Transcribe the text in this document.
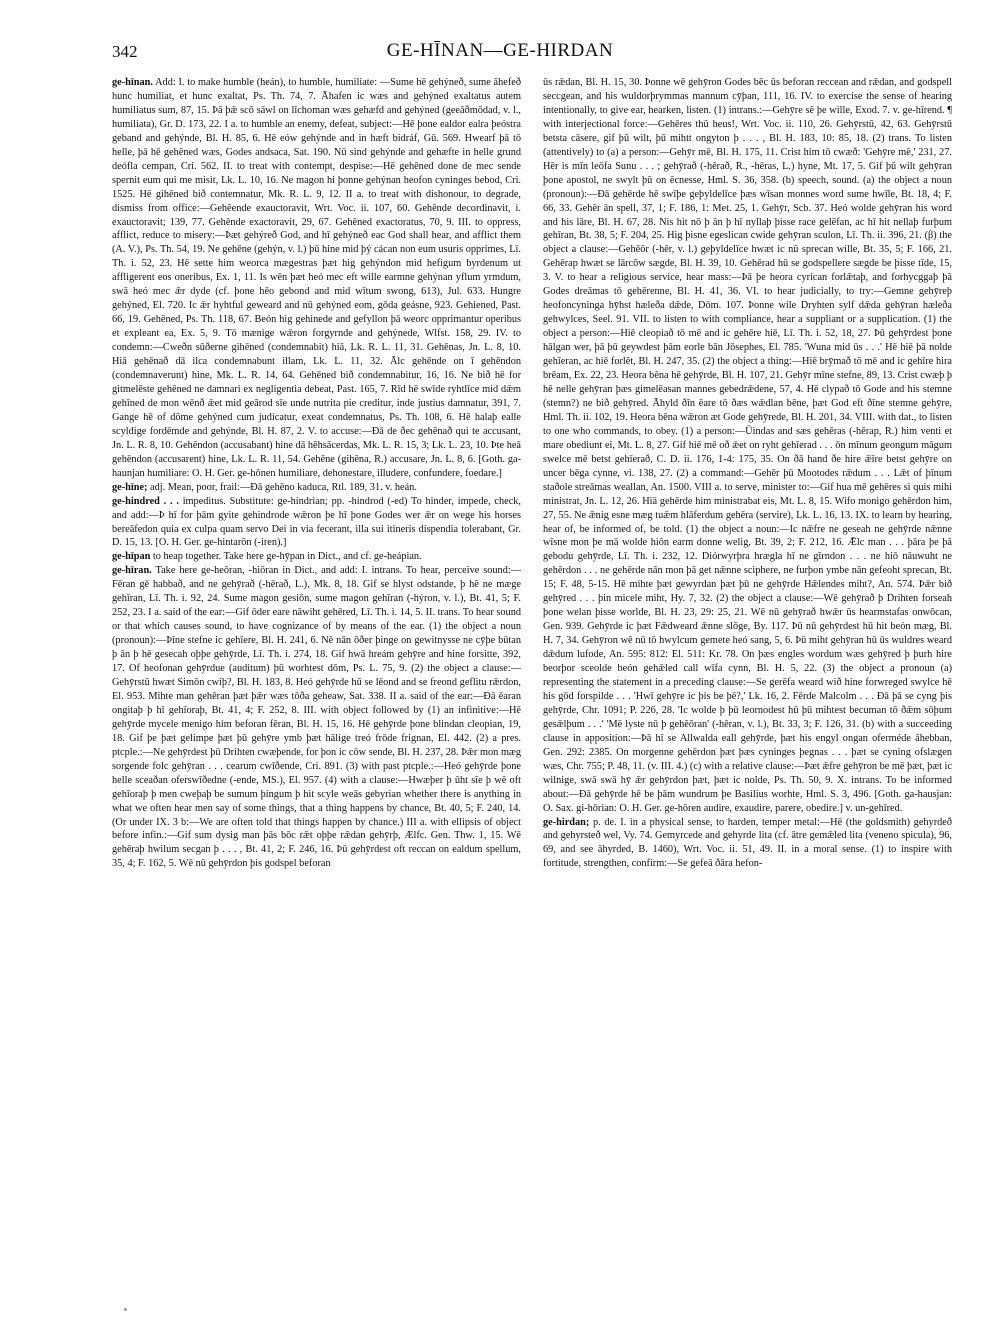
342	GE-HĪNAN—GE-HIRDAN

ge-hīnan. Add: I. to make humble (heán), to humble, humiliate: —Sume hē gehýneð, sume āhefeð hunc humiliat, et hunc exaltat, Ps. Th. 74, 7. Āhafen ic wæs and gehýned exaltatus autem humiliatus sum, 87, 15. Þā þǣ scō sāwl on līchoman wæs gehæfd and gehýned (geeāðmōdad, v. l., humiliata), Gr. D. 173, 22. I a. to humble an enemy, defeat, subject:—Hē þone ealdor ealra þeóstra geband and gehýnde, Bl. H. 85, 6. Hē eów gehýnde and in hæft bidráf, Gū. 569. Hwearf þā tō helle, þā hē gehēned wæs, Godes andsaca, Sat. 190. Nū sind gehýnde and gehæfte in helle grund deófla cempan, Cri. 562. II. to treat with contempt, despise:—Hē gehēned done de mec sende spernit eum qui me misit, Lk. L. 10, 16. Ne magon hi þonne gehýnan heofon cyninges bebod, Cri. 1525. Hē gihēned bið contemnatur, Mk. R. L. 9, 12. II a. to treat with dishonour, to degrade, dismiss from office:—Gehēende exauctoravit, Wrt. Voc. ii. 107, 60. Gehēnde decordinavit, i. exauctoravit; 139, 77. Gehēnde exactoravit, 29, 67. Gehēned exactoratus, 70, 9. III. to oppress, afflict, reduce to misery:—Þæt gehýreð God, and hī gehýneð eac God shall hear, and afflict them (A. V.), Ps. Th. 54, 19. Ne gehēne (gehýn, v. l.) þū hine mid þý cácan non eum usuris opprimes, Lī. Th. i. 52, 23. Hē sette him weorca mægestras þæt hig gehýndon mid hefigum byrdenum ut affligerent eos oneribus, Ex. 1, 11. Is wēn þæt heó mec eft wille earmne gehýnan yflum yrmdum, swā heó mec ǣr dyde (cf. þone hēo gebond and mid wītum swong, 613), Jul. 633. Hungre gehýned, El. 720. Ic ǣr hyhtful geweard and nū gehýned eom, gōda geásne, 923. Gehiened, Past. 66, 19. Gehēned, Ps. Th. 118, 67. Beón hig gehinede and gefyllon þā weorc opprimantur operibus et expleant ea, Ex. 5, 9. Tō mænige wǣron forgyrnde and gehýnede, Wlfst. 158, 29. IV. to condemn:—Cweðn sūðerne gihēned (condemnabit) hiā, Lk. R. L. 11, 31. Gehēnas, Jn. L. 8, 10. Hiā gehēnað dā ilca condemnabunt illam, Lk. L. 11, 32. Ālc gehēnde on ī gehēndon (condemnaverunt) hine, Mk. L. R. 14, 64. Gehēned bið condemnabitur, 16, 16. Ne bið hē for gitmelēste gehēned ne damnari ex negligentia debeat, Past. 165, 7. Rīd hē swīde ryhtlīce mid dǣm gehīned de mon wēnð ǣet mid geārod sīe unde nutrita pie creditur, inde justius damnatur, 391, 7. Gange hē of dōme gehýned cum judicatur, exeat condemnatus, Ps. Th. 108, 6. Hē halaþ ealle scyldige fordēmde and gehýnde, Bl. H. 87, 2. V. to accuse:—Ðā de ðec gehēnað qui te accusant, Jn. L. R. 8, 10. Gehēndon (accusabant) hine dā hēhsācerdas, Mk. L. R. 15, 3; Lk. L. 23, 10. Þte heā gehēndon (accusarent) hine, Lk. L. R. 11, 54. Gehēne (gihēna, R.) accusare, Jn. L. 8, 6. [Goth. ga-haunjan humiliare: O. H. Ger. ge-hōnen humiliare, dehonestare, illudere, confundere, foedare.]

ge-hīne; adj. Mean, poor, frail:—Ðā gehēno kaduca, Rtl. 189, 31. v. heán.

ge-hindred . . . impeditus. Substitute: ge-hindrian; pp. -hindrod (-ed) To hinder, impede, check, and add:—Þ hī for þām gyite gehindrode wǣron þe hī þone Godes wer ǣr on wege his horses bereāfedon quia ex culpa quam servo Dei in via fecerant, illa sui itineris dispendia tolerabant, Gr. D. 15, 13. [O. H. Ger. ge-hintarōn (-iren).]

ge-hīpan to heap together. Take here ge-hȳpan in Dict., and cf. ge-heápian.

ge-hīran. Take here ge-heōran, -hiōran in Dict., and add: I. intrans. To hear, perceive sound:—Fēran gē habbað, and ne gehȳrað (-hērað, L.), Mk. 8, 18. Gif se hlyst odstande, þ hē ne mæge gehīran, Lī. Th. i. 92, 24. Sume magon gesiōn, sume magon gehīran (-hýron, v. l.), Bt. 41, 5; F. 252, 23. I a. said of the ear:—Gif ōder eare nāwiht gehēred, Lī. Th. i. 14, 5. II. trans. To hear sound or that which causes sound, to have cognizance of by means of the ear. (1) the object a noun (pronoun):—Þīne stefne ic gehīere, Bl. H. 241, 6. Nē nān ōðer þinge on gewitnysse ne cȳþe būtan þ ān þ hē gesecah oþþe gehȳrde, Lī. Th. i. 274, 18. Gif hwā hreám gehȳre and hine forsitte, 392, 17. Of heofonan gehȳrdue (auditum) þū worhtest dōm, Ps. L. 75, 9. (2) the object a clause:—Gehȳrstū hwæt Simōn cwiþ?, Bl. H. 183, 8. Heó gehȳrde hū se lēond and se freond geflitu rǣrdon, El. 953. Mihte man gehēran þæt þǣr wæs tōða geheaw, Sat. 338. II a. said of the ear:—Ðā ēaran ongitaþ þ hī gehīoraþ, Bt. 41, 4; F. 252, 8. III. with object followed by (1) an infinitive:—Hē gehȳrde mycele menigo him beforan fēran, Bl. H. 15, 16. Hē gehȳrde þone blindan cleopian, 19, 18. Gif þe þæt gelimpe þæt þū gehȳre ymb þæt hālige treó frōde frignan, El. 442. (2) a pres. ptcple.:—Ne gehȳrdest þū Drihten cwæþende, for þon ic cōw sende, Bl. H. 237, 28. Þǣr mon mæg sorgende folc gehȳran . . . cearum cwīðende, Cri. 891. (3) with past ptcple.:—Heó gehȳrde þone helle sceaðan oferswīðedne (-ende, MS.), El. 957. (4) with a clause:—Hwæþer þ ūht sīe þ wē oft gehīoraþ þ men cweþaþ be sumum þingum þ hit scyle weās gebyrian whether there is anything in what we often hear men say of some things, that a thing happens by chance, Bt. 40, 5; F. 240, 14. (Or under IX. 3 b:—We are often told that things happen by chance.) III a. with ellipsis of object before infin.:—Gif sum dysig man þās bōc rǣt oþþe rǣdan gehȳrþ, Ælfc. Gen. Thw. 1, 15. Wē gehēraþ hwilum secgan þ . . . , Bt. 41, 2; F. 246, 16. Þū gehȳrdest oft reccan on ealdum spellum, 35, 4; F. 162, 5. Wē nū gehȳrdon þis godspel beforan

ūs rǣdan, Bl. H. 15, 30. Þonne wē gehȳron Godes bēc ūs beforan reccean and rǣdan, and godspell seccgean, and his wuldorþrymmas mannum cȳþan, 111, 16. IV. to exercise the sense of hearing intentionally, to give ear, hearken, listen. (1) intrans.:—Gehȳre sē þe wille, Exod. 7. v. ge-hīrend. ¶ with interjectional force:—Gehēres thū heus!, Wrt. Voc. ii. 110, 26. Gehȳrstū, 42, 63. Gehȳrstū betsta cāsere, gif þū wilt, þū mihtt ongyton þ . . . , Bl. H. 183, 10: 85, 18. (2) trans. To listen (attentively) to (a) a person:—Gehȳr mē, Bl. H. 175, 11. Crist him tō cwæð: 'Gehȳre mē,' 231, 27. Hēr is mīn leōfa Sunu . . . ; gehȳrað (-hērað, R., -hēras, L.) hyne, Mt. 17, 5. Gif þū wilt gehȳran þone apostol, ne swylt þū on ēcnesse, Hml. S. 36, 358. (b) speech, sound. (a) the object a noun (pronoun):—Ðā gehērde hē swīþe geþyldelīce þæs wīsan monnes word sume hwīle, Bt. 18, 4; F. 66, 33. Gehēr ān spell, 37, 1; F. 186, 1: Met. 25, 1. Gehȳr, Scb. 37. Heó wolde gehȳran his word and his lāre, Bl. H. 67, 28. Nis hit nō þ ān þ hī nyllaþ þisse race gelēfan, ac hī hit nellaþ furþum gehīran, Bt. 38, 5; F. 204, 25. Hig þisne egeslican cwide gehȳran sculon, Lī. Th. ii. 396, 21. (β) the object a clause:—Gehēōr (-hēr, v. l.) geþyldelīce hwæt ic nū sprecan wille, Bt. 35, 5; F. 166, 21. Gehērap hwæt se lārcōw sægde, Bl. H. 39, 10. Gehērad hū se godspellere sægde be þisse tīde, 15, 3. V. to hear a religious service, hear mass:—Þā þe heora cyrican forlǣtaþ, and forhycggaþ þā Godes dreāmas tō gehērenne, Bl. H. 41, 36. VI. to hear judicially, to try:—Gemne gehȳreþ heofoncyninga hȳhst hæleða dǣde, Dōm. 107. Þonne wile Dryhten sylf dǣda gehȳran hæleða gehwylces, Seel. 91. VII. to listen to with compliance, hear a suppliant or a supplication. (1) the object a person:—Hiē cleopiað tō mē and ic gehēre hiē, Lī. Th. i. 52, 18, 27. Þū gehȳrdest þone hālgan wer, þā þū geywdest þām eorle bān Jōsephes, El. 785. 'Wuna mid ūs . . .' Hē hiē þā nolde gehīeran, ac hiē forlēt, Bl. H. 247, 35. (2) the object a thing:—Hiē brȳmað tō mē and ic gehīre hira brēam, Ex. 22, 23. Heora bēna hē gehȳrde, Bl. H. 107, 21. Gehȳr mīne stefne, 89, 13. Crist cwæþ þ hē nelle gehȳran þæs gimelēasan mannes gebedrǣdene, 57, 4. Hē clypað tō Gode and his stemne (stemn?) ne bið gehȳred. Āhyld ðīn ēare tō ðæs wǣdlan bēne, þæt God eft ðīne stemne gehȳre, Hml. Th. ii. 102, 19. Heora bēna wǣron æt Gode gehȳrede, Bl. H. 201, 34. VIII. with dat., to listen to one who commands, to obey. (1) a person:—Ūindas and sæs gehēras (-hērap, R.) him venti et mare obediunt ei, Mt. L. 8, 27. Gif hiē mē oð ǣet on ryht gehīerad . . . ōn mīnum geongum māgum swelce mē betst gehīerað, C. D. ii. 176, 1-4: 175, 35. On ðā hand ðe hire ǣīre betst gehȳre on uncer bēga cynne, vi. 138, 27. (2) a command:—Gehēr þū Mootodes rǣdum . . . Lǣt of þīnum staðole streāmas weallan, An. 1500. VIII a. to serve, minister to:—Gif hua mē gehēres si quis mihi ministrat, Jn. L. 12, 26. Hiā gehērde him ministrabat eis, Mt. L. 8, 15. Wifo monigo gehērdon him, 27, 55. Ne ǣnig esne mæg tuǣm hlāferdum gehēra (servire), Lk. L. 16, 13. IX. to learn by hearing, hear of, be informed of, be told. (1) the object a noun:—Ic nǣfre ne geseah ne gehȳrde nǣnne wīsne mon þe mā wolde hiōn earm donne welig, Bt. 39, 2; F. 212, 16. Ǣlc man . . . þāra þe þā gebodu gehȳrde, Lī. Th. i. 232, 12. Diórwyrþra hrægla hī ne gīrndon . . . ne hiō nāuwuht ne gehērdon . . . ne gehērde nān mon þā get nǣnne sciphere, ne furþon ymbe nān gefeoht sprecan, Bt. 15; F. 48, 5-15. Hē mihte þæt gewyrdan þæt þū ne gehȳrde Hǣlendes miht?, An. 574. Þǣr bið gehȳred . . . þin micele miht, Hy. 7, 32. (2) the object a clause:—Wē gehȳrað þ Drihten forseah þone welan þisse worlde, Bl. H. 23, 29: 25, 21. Wē nū gehȳrað hwǣr ūs hearmstafas onwōcan, Gen. 939. Gehȳrde ic þæt Fǣdweard ǣnne slōge, By. 117. Þū nū gehȳrdest hū hit beón mæg, Bl. H. 7, 34. Gehȳron wē nū tō hwylcum gemete heó sang, 5, 6. Þū miht gehȳran hū ūs wuldres weard dǣdum lufode, An. 595: 812: El. 511: Kr. 78. On þæs engles wordum wæs gehȳred þ þurh hire beorþor sceolde beón gehǣled call wīfa cynn, Bl. H. 5, 22. (3) the object a pronoun (a) representing the statement in a preceding clause:—Se gerēfa weard wið hine forwreged swylce hē his gōd forspilde . . . 'Hwī gehȳre ic þis be þē?,' Lk. 16, 2. Fērde Malcolm . . . Ðā þā se cyng þis gehȳrde, Chr. 1091; P. 226, 28. 'Ic wolde þ þū leornodest hū þū mihtest becuman tō ðǣm sōþum gesǣlþum . . .' 'Mē lyste nū þ gehēōran' (-hēran, v. l.), Bt. 33, 3; F. 126, 31. (b) with a succeeding clause in apposition:—Þā hī se Allwalda eall gehȳrde, þæt his engyl ongan oferméde āhebban, Gen. 292: 2385. On morgenne gehērdon þæt þæs cyninges þegnas . . . þæt se cyning ofslægen wæs, Chr. 755; P. 48, 11. (v. III. 4.) (c) with a relative clause:—Þæt ǣfre gehȳron be mē þæt, þæt ic wilnige, swā swā hȳ ǣr gehȳrdon þæt, þæt ic nolde, Ps. Th. 50, 9. X. intrans. To be informed about:—Ðā gehȳrde hē be þām wundrum þe Basilius worhte, Hml. S. 3, 496. [Goth. ga-hausjan: O. Sax. gi-hōrian: O. H. Ger. ge-hōren audire, exaudire, parere, obedire.] v. un-gehīred.

ge-hirdan; p. de. I. in a physical sense, to harden, temper metal:—Hē (the goldsmith) gehyrdeð and gehyrsteð wel, Vy. 74. Gemyrcede and gehyrde lita (cf. ātre gemǣled lita (veneno spicula), 96, 69, and see āhyrded, B. 1460), Wrt. Voc. ii. 51, 49. II. in a moral sense. (1) to inspire with fortitude, strengthen, confirm:—Se gefeā ðāra hefon-
